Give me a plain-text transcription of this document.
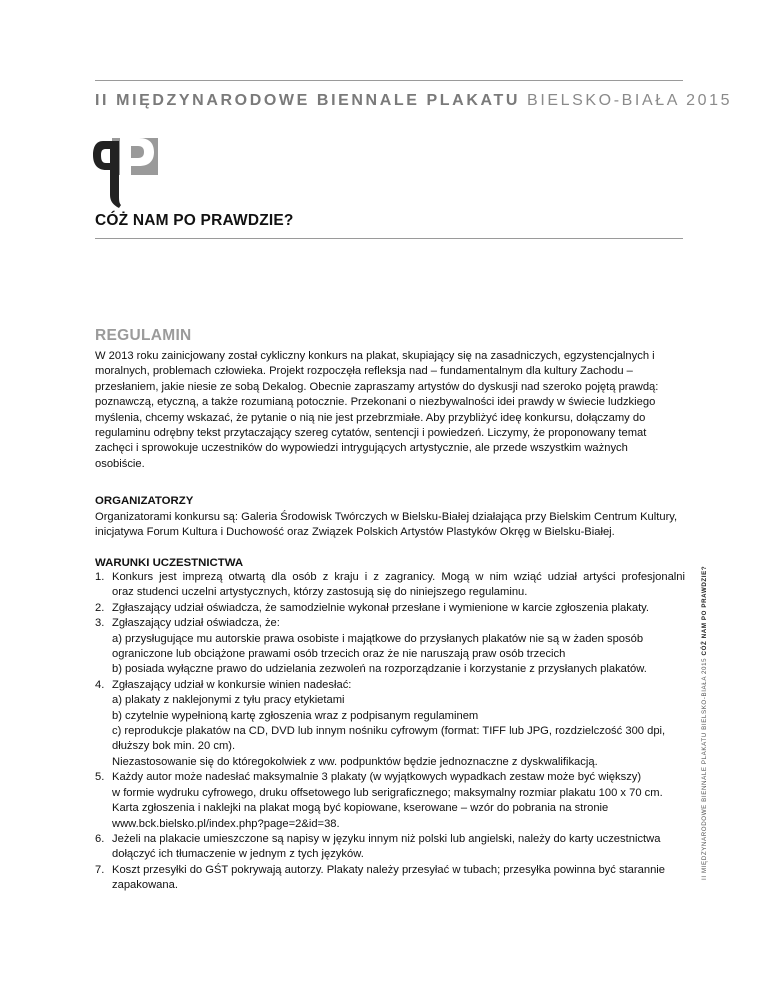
II MIĘDZYNARODOWE BIENNALE PLAKATU BIELSKO-BIAŁA 2015
CÓŻ NAM PO PRAWDZIE?
REGULAMIN

W 2013 roku zainicjowany został cykliczny konkurs na plakat, skupiający się na zasadniczych, egzystencjalnych i moralnych, problemach człowieka. Projekt rozpoczęła refleksja nad – fundamentalnym dla kultury Zachodu – przesłaniem, jakie niesie ze sobą Dekalog. Obecnie zapraszamy artystów do dyskusji nad szeroko pojętą prawdą: poznawczą, etyczną, a także rozumianą potocznie. Przekonani o niezbywalności idei prawdy w świecie ludzkiego myślenia, chcemy wskazać, że pytanie o nią nie jest przebrzmiałe. Aby przybliżyć ideę konkursu, dołączamy do regulaminu odrębny tekst przytaczający szereg cytatów, sentencji i powiedzeń. Liczymy, że proponowany temat zachęci i sprowokuje uczestników do wypowiedzi intrygujących artystycznie, ale przede wszystkim ważnych osobiście.

ORGANIZATORZY

Organizatorami konkursu są: Galeria Środowisk Twórczych w Bielsku-Białej działająca przy Bielskim Centrum Kultury, inicjatywa Forum Kultura i Duchowość oraz Związek Polskich Artystów Plastyków Okręg w Bielsku-Białej.

WARUNKI UCZESTNICTWA
1. Konkurs jest imprezą otwartą dla osób z kraju i z zagranicy. Mogą w nim wziąć udział artyści profesjonalni
oraz studenci uczelni artystycznych, którzy zastosują się do niniejszego regulaminu.
2. Zgłaszający udział oświadcza, że samodzielnie wykonał przesłane i wymienione w karcie zgłoszenia plakaty.
3. Zgłaszający udział oświadcza, że:
a) przysługujące mu autorskie prawa osobiste i majątkowe do przysłanych plakatów nie są w żaden sposób
ograniczone lub obciążone prawami osób trzecich oraz że nie naruszają praw osób trzecich
b) posiada wyłączne prawo do udzielania zezwoleń na rozporządzanie i korzystanie z przysłanych plakatów.
4. Zgłaszający udział w konkursie winien nadesłać:
a) plakaty z naklejonymi z tyłu pracy etykietami
b) czytelnie wypełnioną kartę zgłoszenia wraz z podpisanym regulaminem
c) reprodukcje plakatów na CD, DVD lub innym nośniku cyfrowym (format: TIFF lub JPG, rozdzielczość 300 dpi,
dłuższy bok min. 20 cm).
Niezastosowanie się do któregokolwiek z ww. podpunktów będzie jednoznaczne z dyskwalifikacją.
5. Każdy autor może nadesłać maksymalnie 3 plakaty (w wyjątkowych wypadkach zestaw może być większy)
w formie wydruku cyfrowego, druku offsetowego lub serigraficznego; maksymalny rozmiar plakatu 100 x 70 cm.
Karta zgłoszenia i naklejki na plakat mogą być kopiowane, kserowane – wzór do pobrania na stronie
www.bck.bielsko.pl/index.php?page=2&id=38.
6. Jeżeli na plakacie umieszczone są napisy w języku innym niż polski lub angielski, należy do karty uczestnictwa
dołączyć ich tłumaczenie w jednym z tych języków.
7. Koszt przesyłki do GŚT pokrywają autorzy. Plakaty należy przesyłać w tubach; przesyłka powinna być starannie
zapakowana.
II MIĘDZYNARODOWE BIENNALE PLAKATU BIELSKO-BIAŁA 2015 CÓŻ NAM PO PRAWDZIE?
